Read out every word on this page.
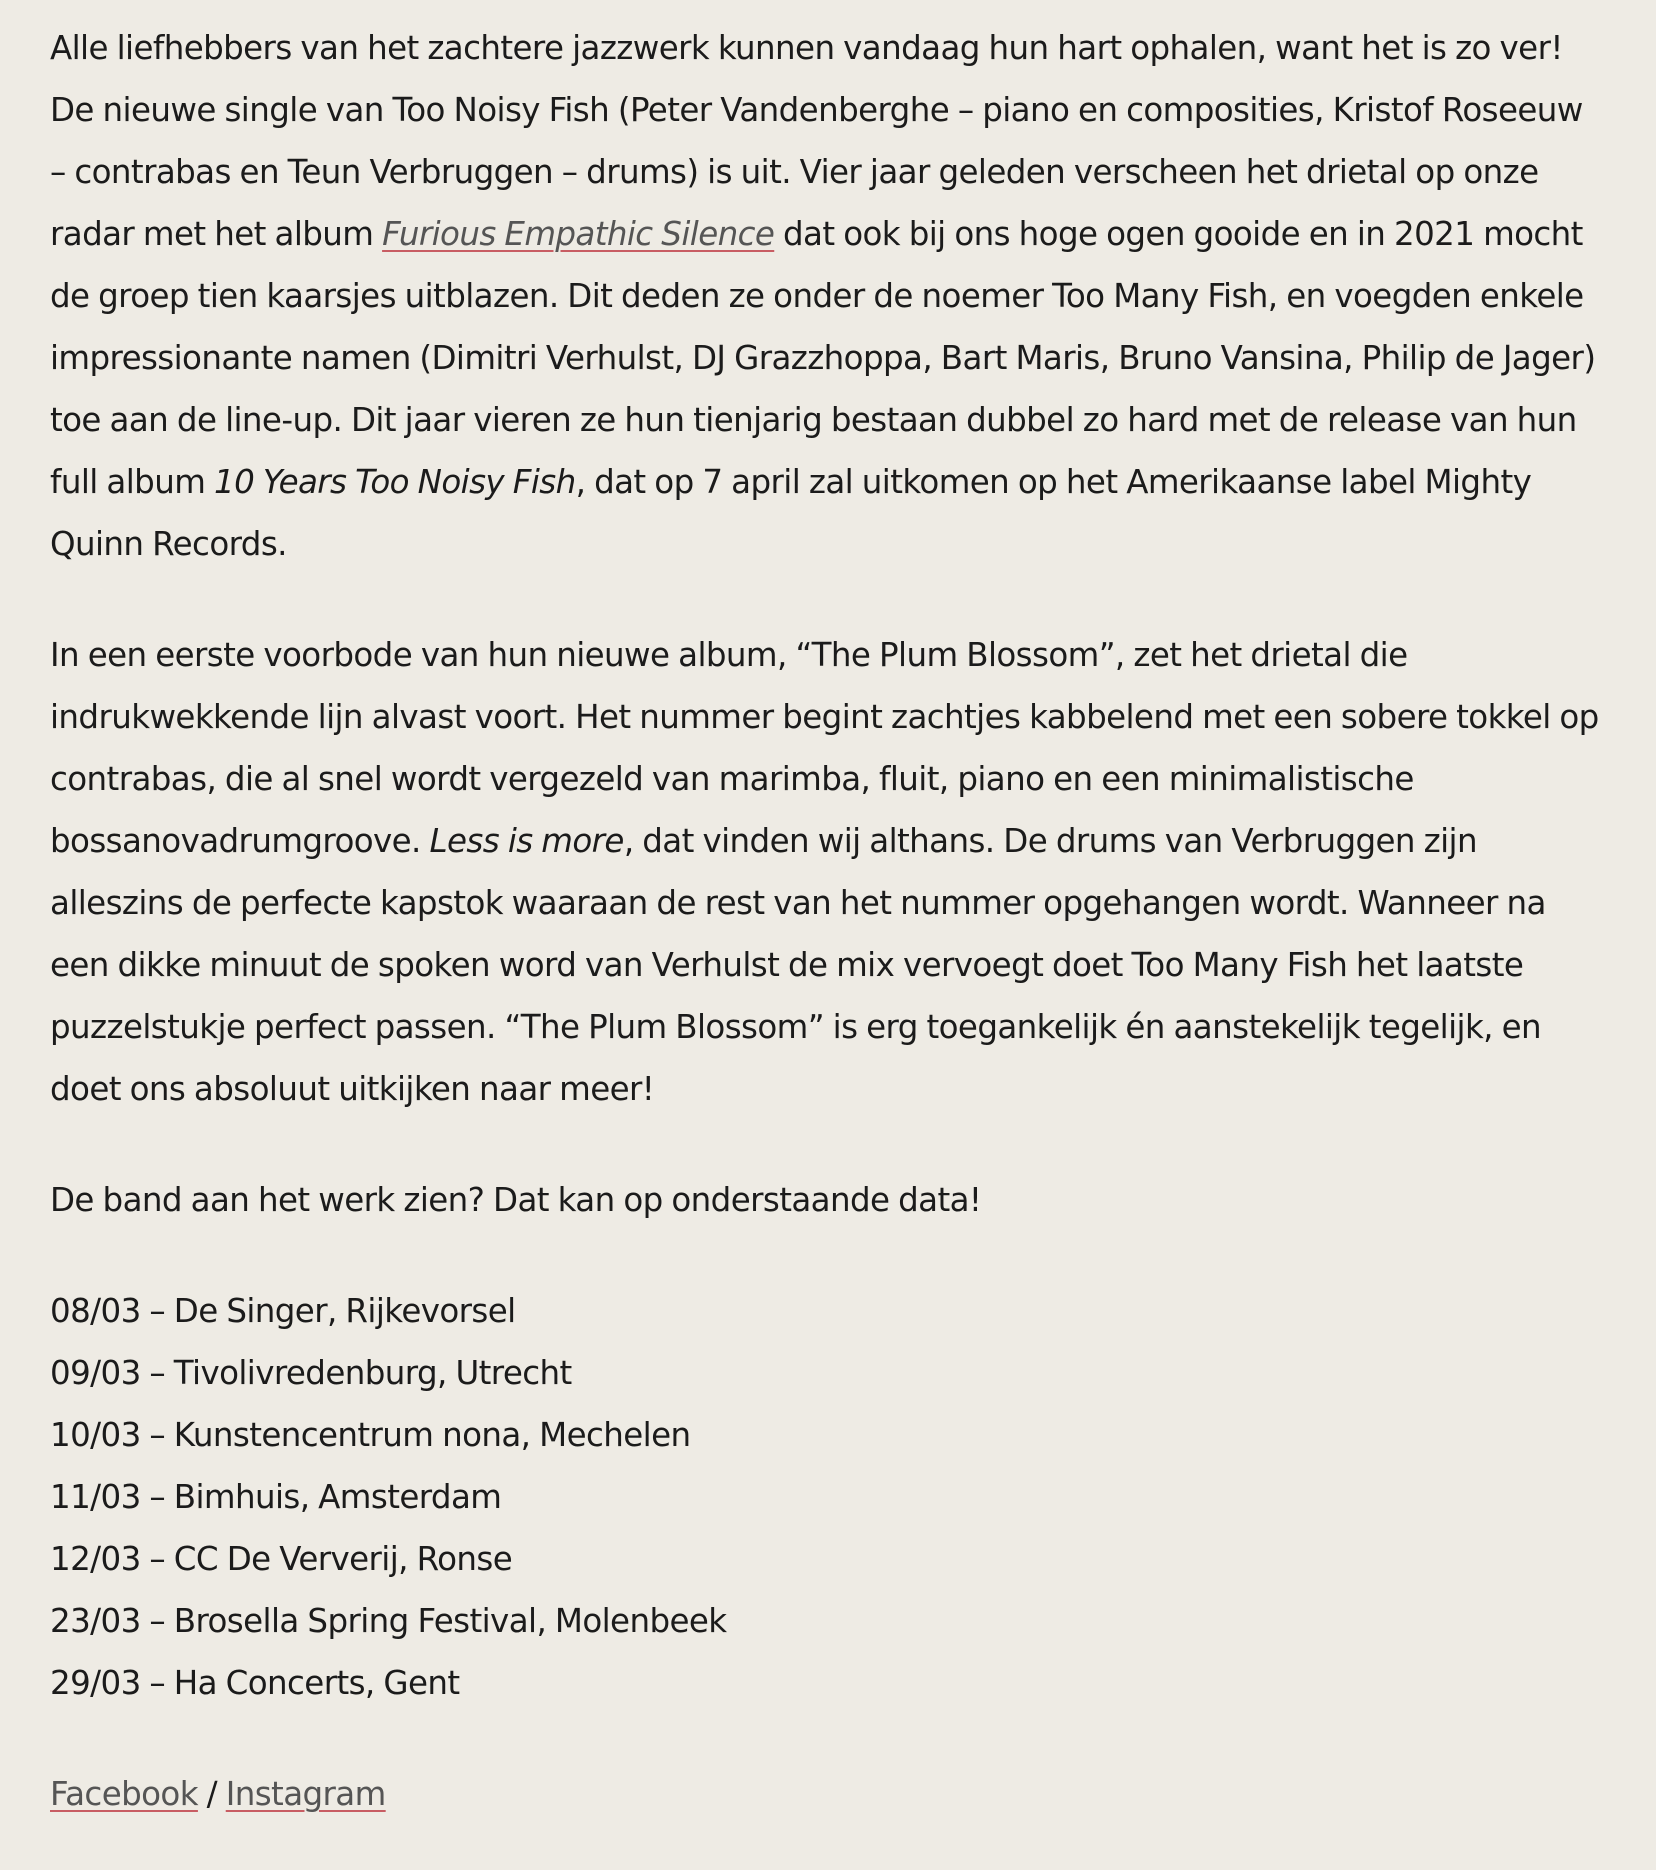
Alle liefhebbers van het zachtere jazzwerk kunnen vandaag hun hart ophalen, want het is zo ver! De nieuwe single van Too Noisy Fish (Peter Vandenberghe – piano en composities, Kristof Roseeuw – contrabas en Teun Verbruggen – drums) is uit. Vier jaar geleden verscheen het drietal op onze radar met het album Furious Empathic Silence dat ook bij ons hoge ogen gooide en in 2021 mocht de groep tien kaarsjes uitblazen. Dit deden ze onder de noemer Too Many Fish, en voegden enkele impressionante namen (Dimitri Verhulst, DJ Grazzhoppa, Bart Maris, Bruno Vansina, Philip de Jager) toe aan de line-up. Dit jaar vieren ze hun tienjarig bestaan dubbel zo hard met de release van hun full album 10 Years Too Noisy Fish, dat op 7 april zal uitkomen op het Amerikaanse label Mighty Quinn Records.

In een eerste voorbode van hun nieuwe album, “The Plum Blossom”, zet het drietal die indrukwekkende lijn alvast voort. Het nummer begint zachtjes kabbelend met een sobere tokkel op contrabas, die al snel wordt vergezeld van marimba, fluit, piano en een minimalistische bossanovadrumgroove. Less is more, dat vinden wij althans. De drums van Verbruggen zijn alleszins de perfecte kapstok waaraan de rest van het nummer opgehangen wordt. Wanneer na een dikke minuut de spoken word van Verhulst de mix vervoegt doet Too Many Fish het laatste puzzelstukje perfect passen. “The Plum Blossom” is erg toegankelijk én aanstekelijk tegelijk, en doet ons absoluut uitkijken naar meer!

De band aan het werk zien? Dat kan op onderstaande data!

08/03 – De Singer, Rijkevorsel
09/03 – Tivolivredenburg, Utrecht
10/03 – Kunstencentrum nona, Mechelen
11/03 – Bimhuis, Amsterdam
12/03 – CC De Ververij, Ronse
23/03 – Brosella Spring Festival, Molenbeek
29/03 – Ha Concerts, Gent

Facebook / Instagram
